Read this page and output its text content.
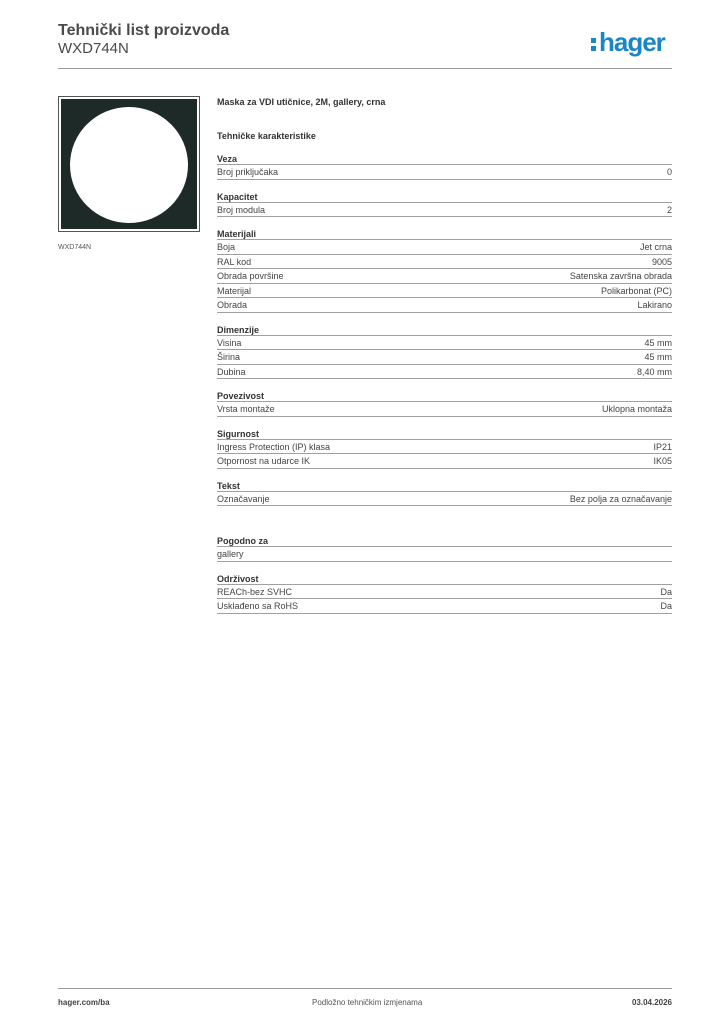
Tehnički list proizvoda
WXD744N	hager
WXD744N
Maska za VDI utičnice, 2M, gallery, crna
Tehničke karakteristike
Veza
Broj priključaka	0
Kapacitet
Broj modula	2
Materijali
Boja	Jet crna
RAL kod	9005
Obrada površine	Satenska završna obrada
Materijal	Polikarbonat (PC)
Obrada	Lakirano
Dimenzije
Visina	45 mm
Širina	45 mm
Dubina	8,40 mm
Povezivost
Vrsta montaže	Uklopna montaža
Sigurnost
Ingress Protection (IP) klasa	IP21
Otpornost na udarce IK	IK05
Tekst
Označavanje	Bez polja za označavanje
Pogodno za
gallery
Održivost
REACh-bez SVHC	Da
Usklađeno sa RoHS	Da
hager.com/ba	Podložno tehničkim izmjenama	03.04.2026
